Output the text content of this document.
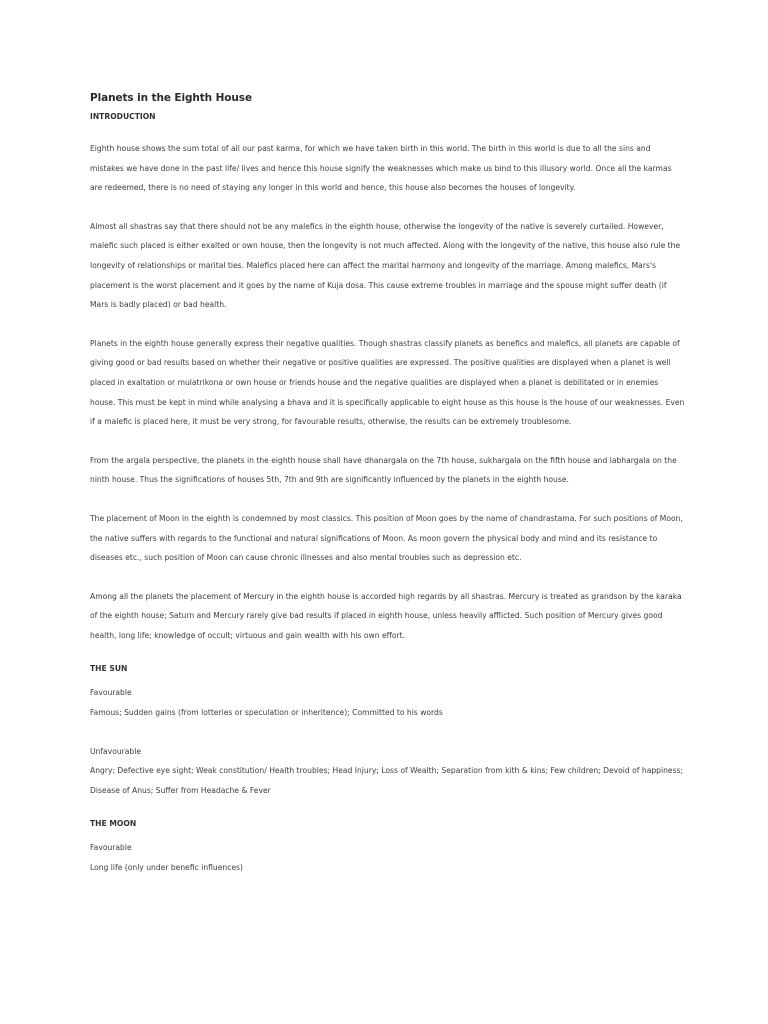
Planets in the Eighth House
INTRODUCTION

Eighth house shows the sum total of all our past karma, for which we have taken birth in this world. The birth in this world is due to all the sins and mistakes we have done in the past life/ lives and hence this house signify the weaknesses which make us bind to this illusory world. Once all the karmas are redeemed, there is no need of staying any longer in this world and hence, this house also becomes the houses of longevity.

Almost all shastras say that there should not be any malefics in the eighth house, otherwise the longevity of the native is severely curtailed. However, malefic such placed is either exalted or own house, then the longevity is not much affected. Along with the longevity of the native, this house also rule the longevity of relationships or marital ties. Malefics placed here can affect the marital harmony and longevity of the marriage. Among malefics, Mars's placement is the worst placement and it goes by the name of Kuja dosa. This cause extreme troubles in marriage and the spouse might suffer death (if Mars is badly placed) or bad health.

Planets in the eighth house generally express their negative qualities. Though shastras classify planets as benefics and malefics, all planets are capable of giving good or bad results based on whether their negative or positive qualities are expressed. The positive qualities are displayed when a planet is well placed in exaltation or mulatrikona or own house or friends house and the negative qualities are displayed when a planet is debilitated or in enemies house. This must be kept in mind while analysing a bhava and it is specifically applicable to eight house as this house is the house of our weaknesses. Even if a malefic is placed here, it must be very strong, for favourable results, otherwise, the results can be extremely troublesome.

From the argala perspective, the planets in the eighth house shall have dhanargala on the 7th house, sukhargala on the fifth house and labhargala on the ninth house. Thus the significations of houses 5th, 7th and 9th are significantly influenced by the planets in the eighth house.

The placement of Moon in the eighth is condemned by most classics. This position of Moon goes by the name of chandrastama. For such positions of Moon, the native suffers with regards to the functional and natural significations of Moon. As moon govern the physical body and mind and its resistance to diseases etc., such position of Moon can cause chronic illnesses and also mental troubles such as depression etc.

Among all the planets the placement of Mercury in the eighth house is accorded high regards by all shastras. Mercury is treated as grandson by the karaka of the eighth house; Saturn and Mercury rarely give bad results if placed in eighth house, unless heavily afflicted. Such position of Mercury gives good health, long life; knowledge of occult; virtuous and gain wealth with his own effort.

THE SUN

Favourable

Famous; Sudden gains (from lotteries or speculation or inheritence); Committed to his words

Unfavourable

Angry; Defective eye sight; Weak constitution/ Health troubles; Head Injury; Loss of Wealth; Separation from kith & kins; Few children; Devoid of happiness; Disease of Anus; Suffer from Headache & Fever

THE MOON

Favourable

Long life (only under benefic influences)
